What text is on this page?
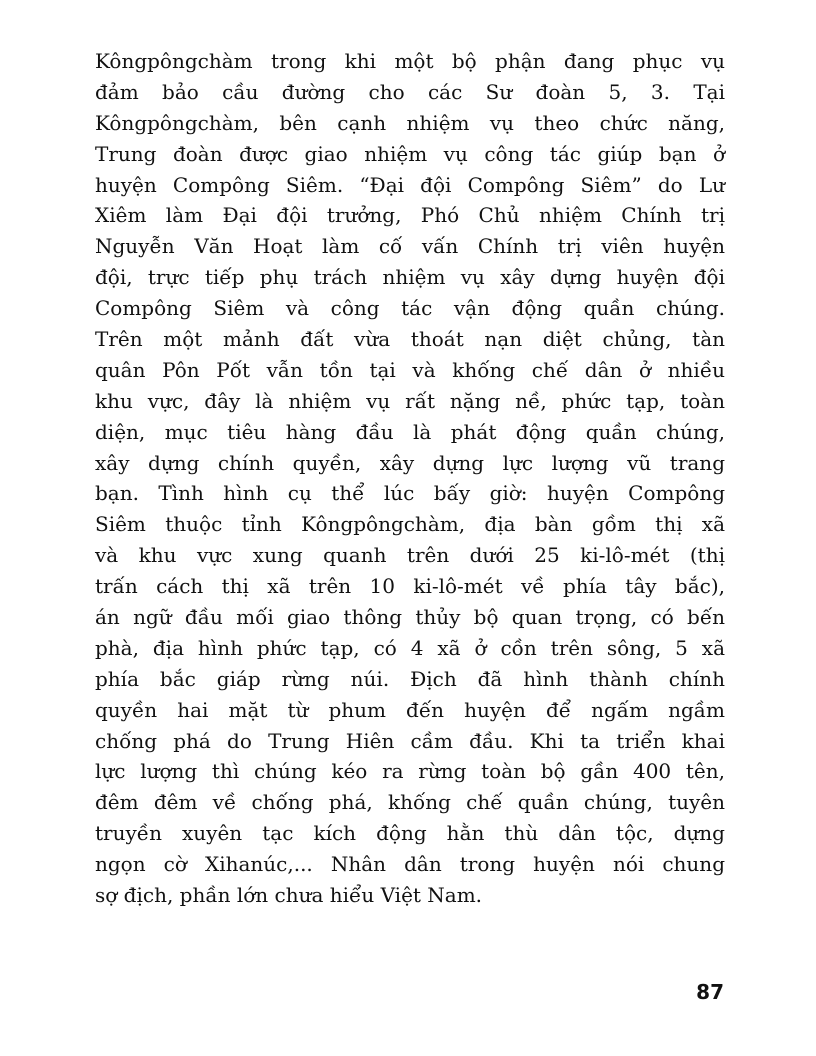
Kôngpôngchàm trong khi một bộ phận đang phục vụ
đảm bảo cầu đường cho các Sư đoàn 5, 3. Tại
Kôngpôngchàm, bên cạnh nhiệm vụ theo chức năng,
Trung đoàn được giao nhiệm vụ công tác giúp bạn ở
huyện Compông Siêm. “Đại đội Compông Siêm” do Lư
Xiêm làm Đại đội trưởng, Phó Chủ nhiệm Chính trị
Nguyễn Văn Hoạt làm cố vấn Chính trị viên huyện
đội, trực tiếp phụ trách nhiệm vụ xây dựng huyện đội
Compông Siêm và công tác vận động quần chúng.
Trên một mảnh đất vừa thoát nạn diệt chủng, tàn
quân Pôn Pốt vẫn tồn tại và khống chế dân ở nhiều
khu vực, đây là nhiệm vụ rất nặng nề, phức tạp, toàn
diện, mục tiêu hàng đầu là phát động quần chúng,
xây dựng chính quyền, xây dựng lực lượng vũ trang
bạn. Tình hình cụ thể lúc bấy giờ: huyện Compông
Siêm thuộc tỉnh Kôngpôngchàm, địa bàn gồm thị xã
và khu vực xung quanh trên dưới 25 ki-lô-mét (thị
trấn cách thị xã trên 10 ki-lô-mét về phía tây bắc),
án ngữ đầu mối giao thông thủy bộ quan trọng, có bến
phà, địa hình phức tạp, có 4 xã ở cồn trên sông, 5 xã
phía bắc giáp rừng núi. Địch đã hình thành chính
quyền hai mặt từ phum đến huyện để ngấm ngầm
chống phá do Trung Hiên cầm đầu. Khi ta triển khai
lực lượng thì chúng kéo ra rừng toàn bộ gần 400 tên,
đêm đêm về chống phá, khống chế quần chúng, tuyên
truyền xuyên tạc kích động hằn thù dân tộc, dựng
ngọn cờ Xihanúc,... Nhân dân trong huyện nói chung
sợ địch, phần lớn chưa hiểu Việt Nam.
87
